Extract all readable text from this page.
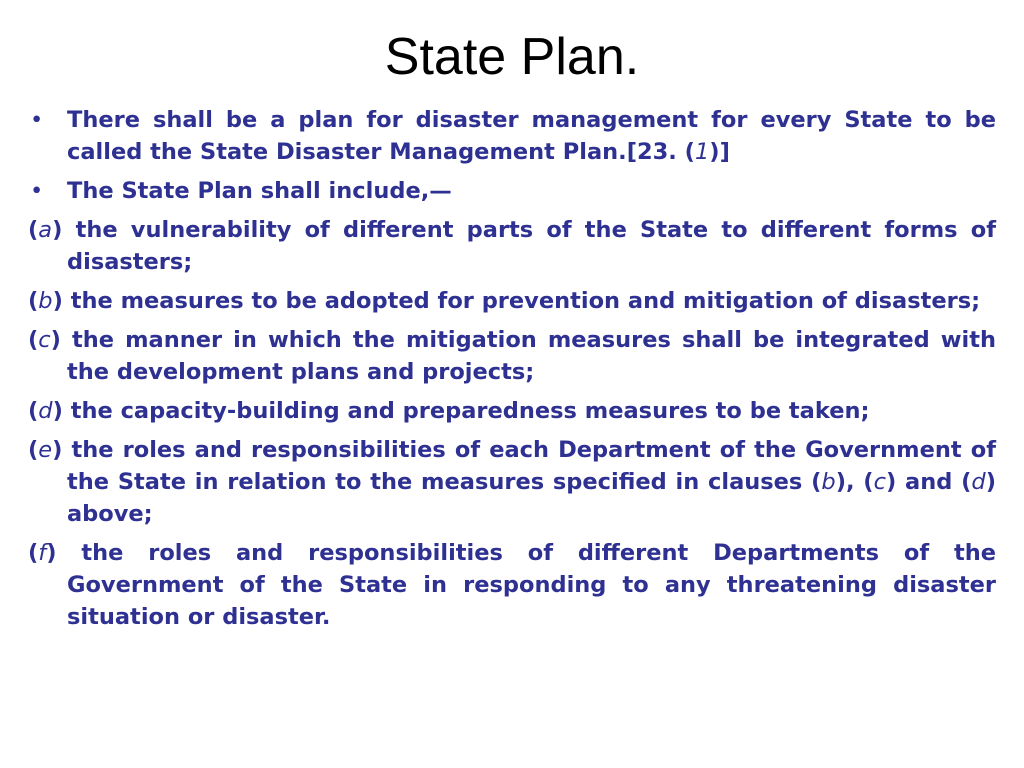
State Plan.

• There shall be a plan for disaster management for every State to be called the State Disaster Management Plan.[23. (1)]

• The State Plan shall include,—

(a) the vulnerability of different parts of the State to different forms of disasters;

(b) the measures to be adopted for prevention and mitigation of disasters;

(c) the manner in which the mitigation measures shall be integrated with the development plans and projects;

(d) the capacity-building and preparedness measures to be taken;

(e) the roles and responsibilities of each Department of the Government of the State in relation to the measures specified in clauses (b), (c) and (d) above;

(f) the roles and responsibilities of different Departments of the Government of the State in responding to any threatening disaster situation or disaster.
